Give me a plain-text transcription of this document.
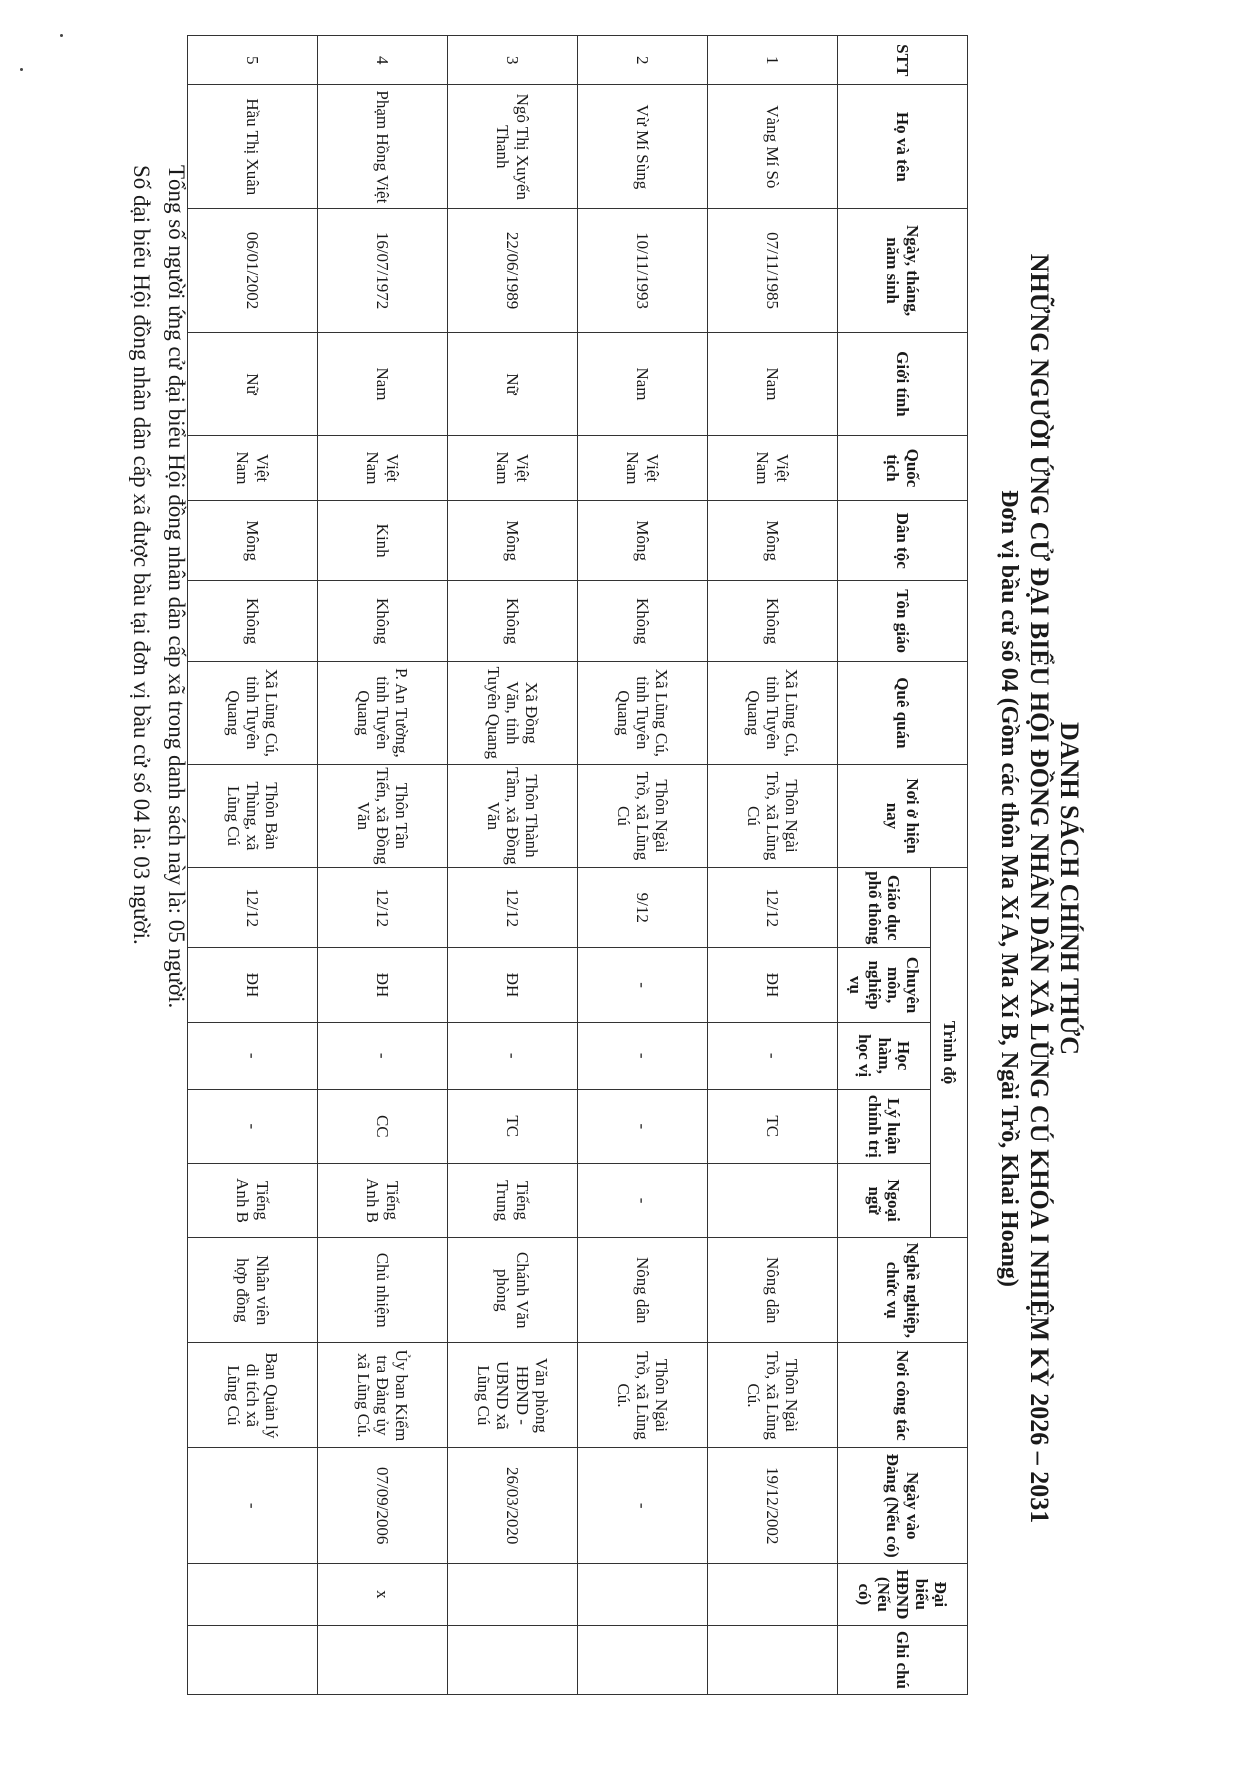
DANH SÁCH CHÍNH THỨC
NHỮNG NGƯỜI ỨNG CỬ ĐẠI BIỂU HỘI ĐỒNG NHÂN DÂN XÃ LŨNG CÚ KHÓA I NHIỆM KỲ 2026 – 2031
Đơn vị bầu cử số 04 (Gồm các thôn Ma Xí A, Ma Xí B, Ngài Trồ, Khai Hoang)
STT	Họ và tên	Ngày, tháng, năm sinh	Giới tính	Quốc tịch	Dân tộc	Tôn giáo	Quê quán	Nơi ở hiện nay	Trình độ					Nghề nghiệp, chức vụ	Nơi công tác	Ngày vào Đảng (Nếu có)	Đại biểu HĐND (Nếu có)	Ghi chú
									Giáo dục phổ thông	Chuyên môn, nghiệp vụ	Học hàm, học vị	Lý luận chính trị	Ngoại ngữ					
1	Vàng Mí Sò	07/11/1985	Nam	Việt Nam	Mông	Không	Xã Lũng Cú, tỉnh Tuyên Quang	Thôn Ngài Trồ, xã Lũng Cú	12/12	ĐH	-	TC		Nông dân	Thôn Ngài Trồ, xã Lũng Cú.	19/12/2002		
2	Vừ Mí Sùng	10/11/1993	Nam	Việt Nam	Mông	Không	Xã Lũng Cú, tỉnh Tuyên Quang	Thôn Ngài Trồ, xã Lũng Cú	9/12	-	-	-	-	Nông dân	Thôn Ngài Trồ, xã Lũng Cú.	-		
3	Ngô Thị Xuyến Thanh	22/06/1989	Nữ	Việt Nam	Mông	Không	Xã Đồng Văn, tỉnh Tuyên Quang	Thôn Thành Tâm, xã Đồng Văn	12/12	ĐH	-	TC	Tiếng Trung	Chánh Văn phòng	Văn phòng HĐND - UBND xã Lũng Cú	26/03/2020		
4	Phạm Hồng Việt	16/07/1972	Nam	Việt Nam	Kinh	Không	P. An Tường, tỉnh Tuyên Quang	Thôn Tân Tiến, xã Đồng Văn	12/12	ĐH	-	CC	Tiếng Anh B	Chủ nhiệm	Ủy ban Kiểm tra Đảng ủy xã Lũng Cú.	07/09/2006	x	
5	Hầu Thị Xuân	06/01/2002	Nữ	Việt Nam	Mông	Không	Xã Lũng Cú, tỉnh Tuyên Quang	Thôn Bản Thùng, xã Lũng Cú	12/12	ĐH	-	-	Tiếng Anh B	Nhân viên hợp đồng	Ban Quản lý di tích xã Lũng Cú	-		
Tổng số người ứng cử đại biểu Hội đồng nhân dân cấp xã trong danh sách này là: 05 người.
Số đại biểu Hội đồng nhân dân cấp xã được bầu tại đơn vị bầu cử số 04 là: 03 người.
